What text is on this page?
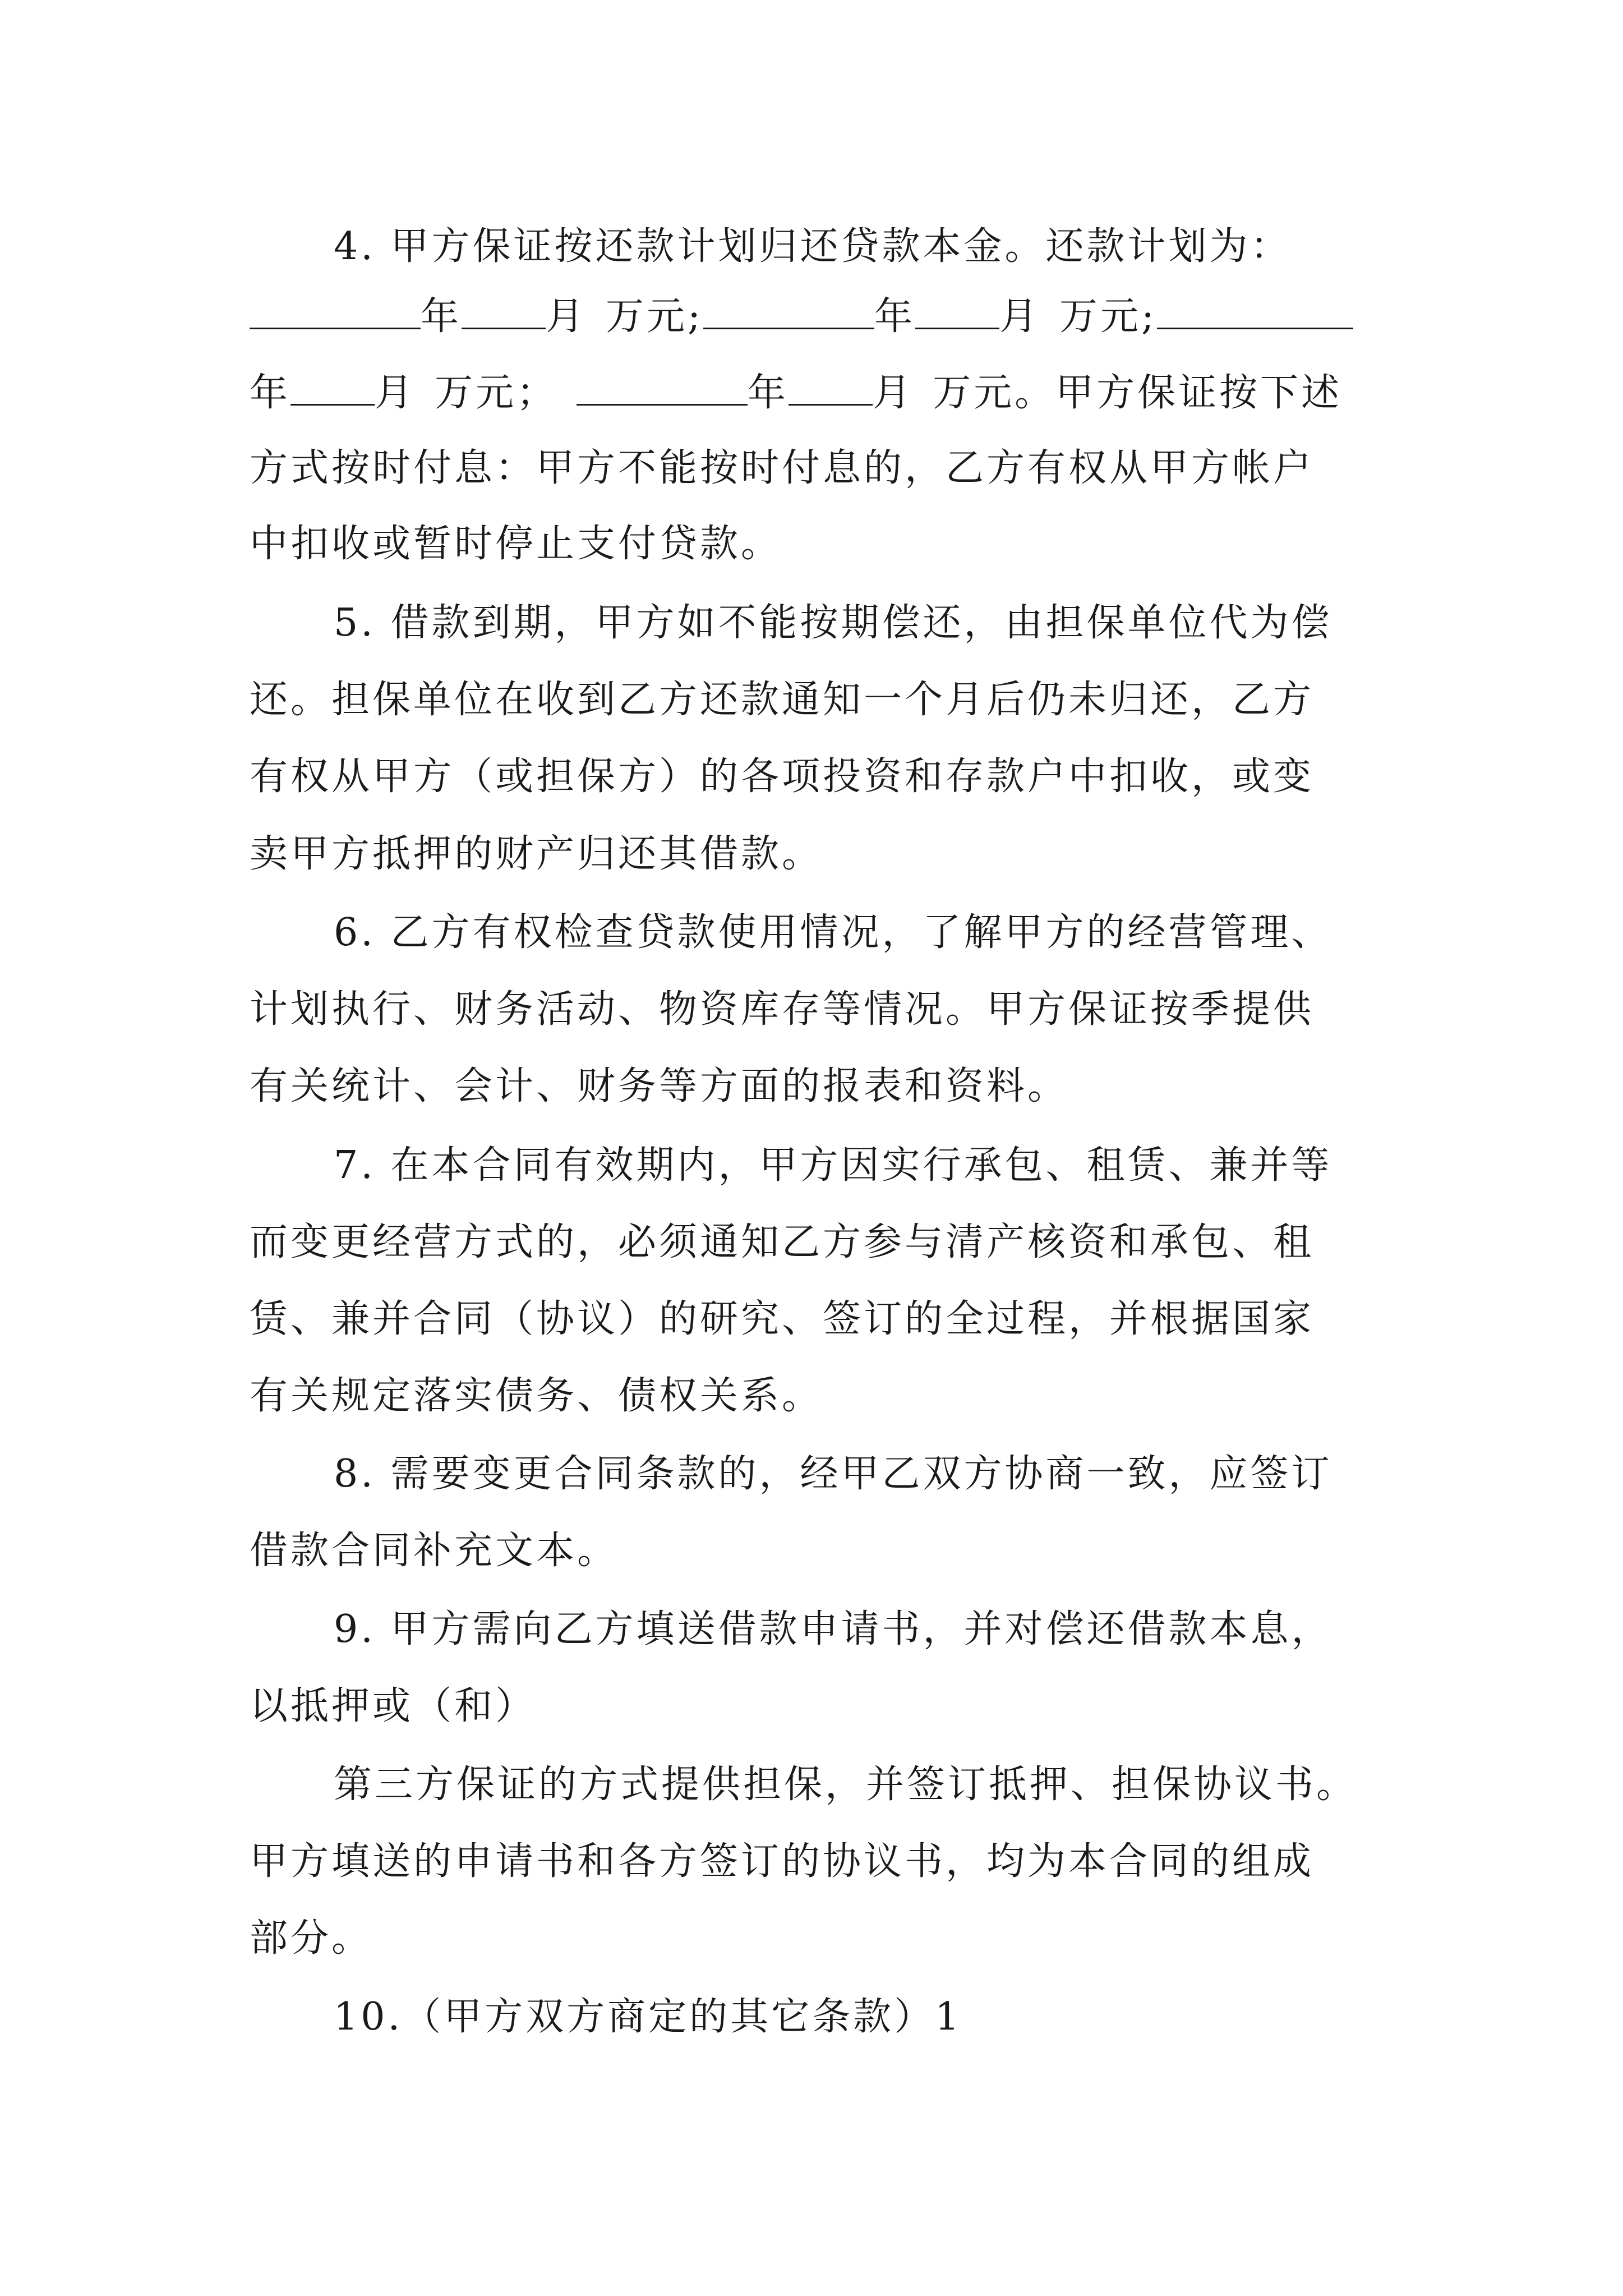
4. 甲方保证按还款计划归还贷款本金。还款计划为：
年 月 万元;	年 月 万元;
年 月 万元；	年 月 万元。甲方保证按下述
方式按时付息：甲方不能按时付息的，乙方有权从甲方帐户
中扣收或暂时停止支付贷款。
5. 借款到期，甲方如不能按期偿还，由担保单位代为偿
还。担保单位在收到乙方还款通知一个月后仍未归还，乙方
有权从甲方（或担保方）的各项投资和存款户中扣收，或变
卖甲方抵押的财产归还其借款。
6. 乙方有权检查贷款使用情况，了解甲方的经营管理、
计划执行、财务活动、物资库存等情况。甲方保证按季提供
有关统计、会计、财务等方面的报表和资料。
7. 在本合同有效期内，甲方因实行承包、租赁、兼并等
而变更经营方式的，必须通知乙方参与清产核资和承包、租
赁、兼并合同（协议）的研究、签订的全过程，并根据国家
有关规定落实债务、债权关系。
8. 需要变更合同条款的，经甲乙双方协商一致，应签订
借款合同补充文本。
9. 甲方需向乙方填送借款申请书，并对偿还借款本息，
以抵押或（和）
第三方保证的方式提供担保，并签订抵押、担保协议书。
甲方填送的申请书和各方签订的协议书，均为本合同的组成
部分。
10.（甲方双方商定的其它条款）1
